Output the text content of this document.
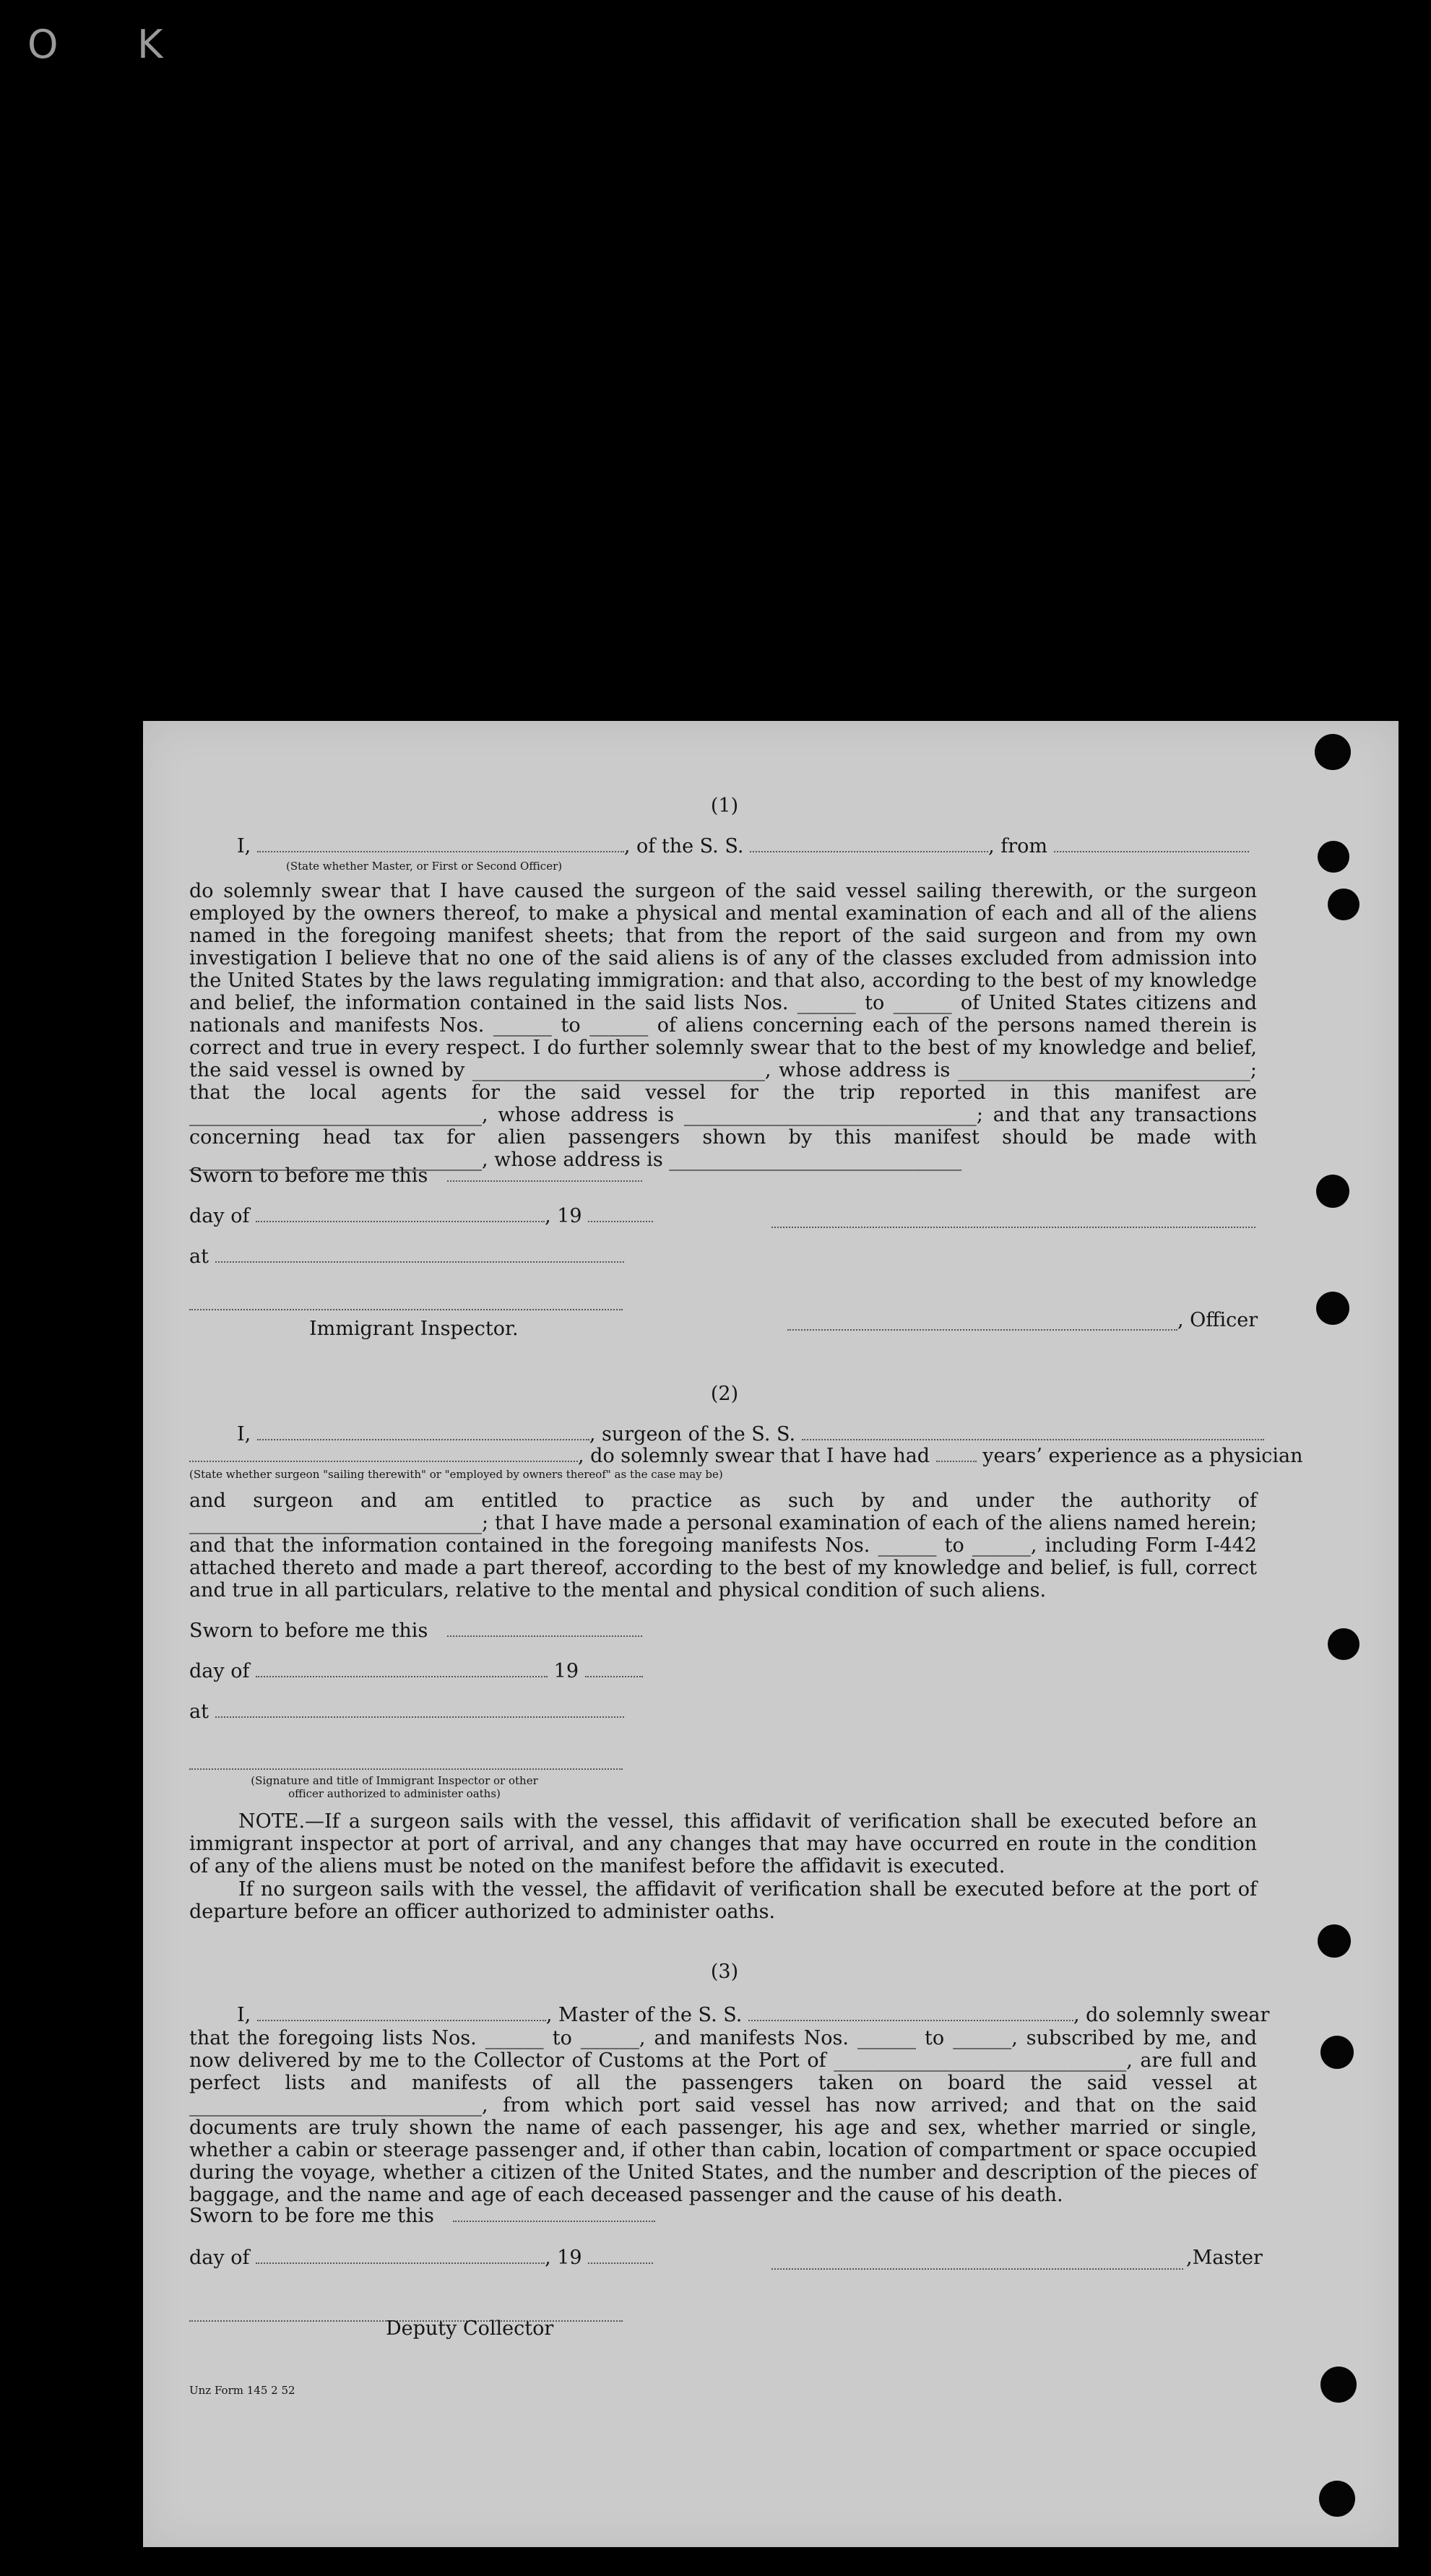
O K
(1)
I,	, of the S. S.	, from
(State whether Master, or First or Second Officer)
do solemnly swear that I have caused the surgeon of the said vessel sailing therewith, or the surgeon employed by the owners thereof, to make a physical and mental examination of each and all of the aliens named in the foregoing manifest sheets; that from the report of the said surgeon and from my own investigation I believe that no one of the said aliens is of any of the classes excluded from admission into the United States by the laws regulating immigration: and that also, according to the best of my knowledge and belief, the information contained in the said lists Nos. ______ to ______ of United States citizens and nationals and manifests Nos. ______ to ______ of aliens concerning each of the persons named therein is correct and true in every respect. I do further solemnly swear that to the best of my knowledge and belief, the said vessel is owned by ______________________________, whose address is ______________________________; that the local agents for the said vessel for the trip reported in this manifest are ______________________________, whose address is ______________________________; and that any transactions concerning head tax for alien passengers shown by this manifest should be made with ______________________________, whose address is ______________________________
Sworn to before me this
day of	, 19
at
Immigrant Inspector.	, Officer
(2)
I,	, surgeon of the S. S.
, do solemnly swear that I have had	years’ experience as a physician
(State whether surgeon "sailing therewith" or "employed by owners thereof" as the case may be)
and surgeon and am entitled to practice as such by and under the authority of ______________________________; that I have made a personal examination of each of the aliens named herein; and that the information contained in the foregoing manifests Nos. ______ to ______, including Form I-442 attached thereto and made a part thereof, according to the best of my knowledge and belief, is full, correct and true in all particulars, relative to the mental and physical condition of such aliens.
Sworn to before me this
day of	19
at
(Signature and title of Immigrant Inspector or other
officer authorized to administer oaths)
NOTE.—If a surgeon sails with the vessel, this affidavit of verification shall be executed before an immigrant inspector at port of arrival, and any changes that may have occurred en route in the condition of any of the aliens must be noted on the manifest before the affidavit is executed.
If no surgeon sails with the vessel, the affidavit of verification shall be executed before at the port of departure before an officer authorized to administer oaths.
(3)
I,	, Master of the S. S.	, do solemnly swear
that the foregoing lists Nos. ______ to ______, and manifests Nos. ______ to ______, subscribed by me, and now delivered by me to the Collector of Customs at the Port of ______________________________, are full and perfect lists and manifests of all the passengers taken on board the said vessel at ______________________________, from which port said vessel has now arrived; and that on the said documents are truly shown the name of each passenger, his age and sex, whether married or single, whether a cabin or steerage passenger and, if other than cabin, location of compartment or space occupied during the voyage, whether a citizen of the United States, and the number and description of the pieces of baggage, and the name and age of each deceased passenger and the cause of his death.
Sworn to be fore me this
day of	, 19	,Master
Deputy Collector
Unz Form 145 2 52
